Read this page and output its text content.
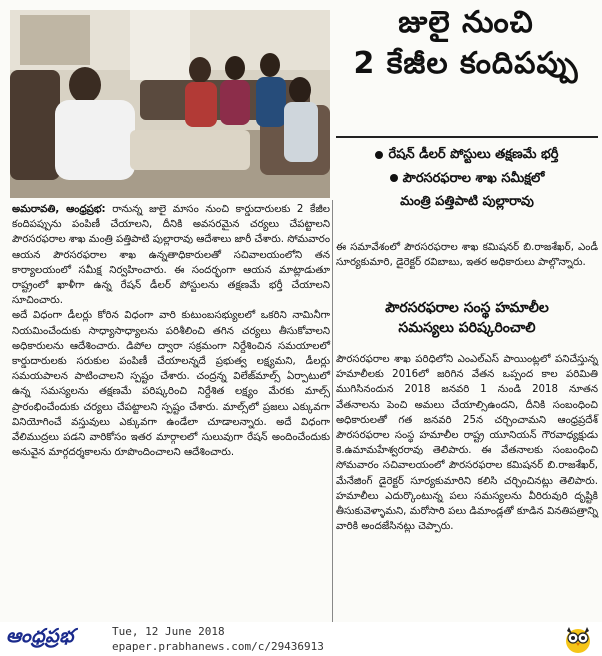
జులై నుంచి
2 కేజీల కందిపప్పు
రేషన్ డీలర్ పోస్టులు తక్షణమే భర్తీ
పౌరసరఫరాల శాఖ సమీక్షలో
మంత్రి పత్తిపాటి పుల్లారావు

అమరావతి, ఆంధ్రప్రభ: రానున్న జులై మాసం నుంచి కార్డుదారులకు 2 కేజీల కందిపప్పును పంపిణీ చేయాలని, దీనికి అవసరమైన చర్యలు చేపట్టాలని పౌరసరఫరాల శాఖ మంత్రి పత్తిపాటి పుల్లారావు ఆదేశాలు జారీ చేశారు. సోమవారం ఆయన పౌరసరఫరాల శాఖ ఉన్నతాధికారులతో సచివాలయంలోని తన కార్యాలయంలో సమీక్ష నిర్వహించారు. ఈ సందర్భంగా ఆయన మాట్లాడుతూ రాష్ట్రంలో ఖాళీగా ఉన్న రేషన్ డీలర్ పోస్టులను తక్షణమే భర్తీ చేయాలని సూచించారు.

అదే విధంగా డీలర్లు కోరిన విధంగా వారి కుటుంబసభ్యులలో ఒకరిని నామినీగా నియమించేందుకు సాధ్యాసాధ్యాలను పరిశీలించి తగిన చర్యలు తీసుకోవాలని అధికారులను ఆదేశించారు. డిపోల ద్వారా సక్రమంగా నిర్దేశించిన సమయాలలో కార్డుదారులకు సరుకుల పంపిణీ చేయాలన్నదే ప్రభుత్వ లక్ష్యమని, డీలర్లు సమయపాలన పాటించాలని స్పష్టం చేశారు. చంద్రన్న విలేజ్‌మాల్స్ ఏర్పాటులో ఉన్న సమస్యలను తక్షణమే పరిష్కరించి నిర్దేశిత లక్ష్యం మేరకు మాల్స్ ప్రారంభించేందుకు చర్యలు చేపట్టాలని స్పష్టం చేశారు. మాల్స్‌లో ప్రజలు ఎక్కువగా వినియోగించే వస్తువులు ఎక్కువగా ఉండేలా చూడాలన్నారు. అదే విధంగా వేలిముద్రలు పడని వారికోసం ఇతర మార్గాలలో సులువుగా రేషన్ అందించేందుకు అనువైన మార్గదర్శకాలను రూపొందించాలని ఆదేశించారు.

ఈ సమావేశంలో పౌరసరఫరాల శాఖ కమిషనర్ బి.రాజశేఖర్, ఎండీ సూర్యకుమారి, డైరెక్టర్ రవిబాబు, ఇతర అధికారులు పాల్గొన్నారు.

పౌరసరఫరాల సంస్థ హమాలీల
సమస్యలు పరిష్కరించాలి

పౌరసరఫరాల శాఖ పరిధిలోని ఎంఎల్ఎస్ పాయింట్లలో పనిచేస్తున్న హమాలీలకు 2016లో జరిగిన వేతన ఒప్పంద కాల పరిమితి ముగిసినందున 2018 జనవరి 1 నుండి 2018 నూతన వేతనాలను పెంచి అమలు చేయాల్సిఉందని, దీనికి సంబంధించి అధికారులతో గత జనవరి 25న చర్చించామని ఆంధ్రప్రదేశ్ పౌరసరఫరాల సంస్థ హమాలీల రాష్ట్ర యూనియన్ గౌరవాధ్యక్షుడు కె.ఉమామహేశ్వరరావు తెలిపారు. ఈ వేతనాలకు సంబంధించి సోమవారం సచివాలయంలో పౌరసరఫరాల కమిషనర్ బి.రాజశేఖర్, మేనేజింగ్ డైరెక్టర్ సూర్యకుమారిని కలిసి చర్చించినట్లు తెలిపారు. హమాలీలు ఎదుర్కొంటున్న పలు సమస్యలను వీరిరువురి దృష్టికి తీసుకువెళ్ళామని, మరోసారి పలు డిమాండ్లతో కూడిన వినతిపత్రాన్ని వారికి అందజేసినట్లు చెప్పారు.

ఆంధ్రప్రభ	Tue, 12 June 2018
epaper.prabhanews.com/c/29436913
